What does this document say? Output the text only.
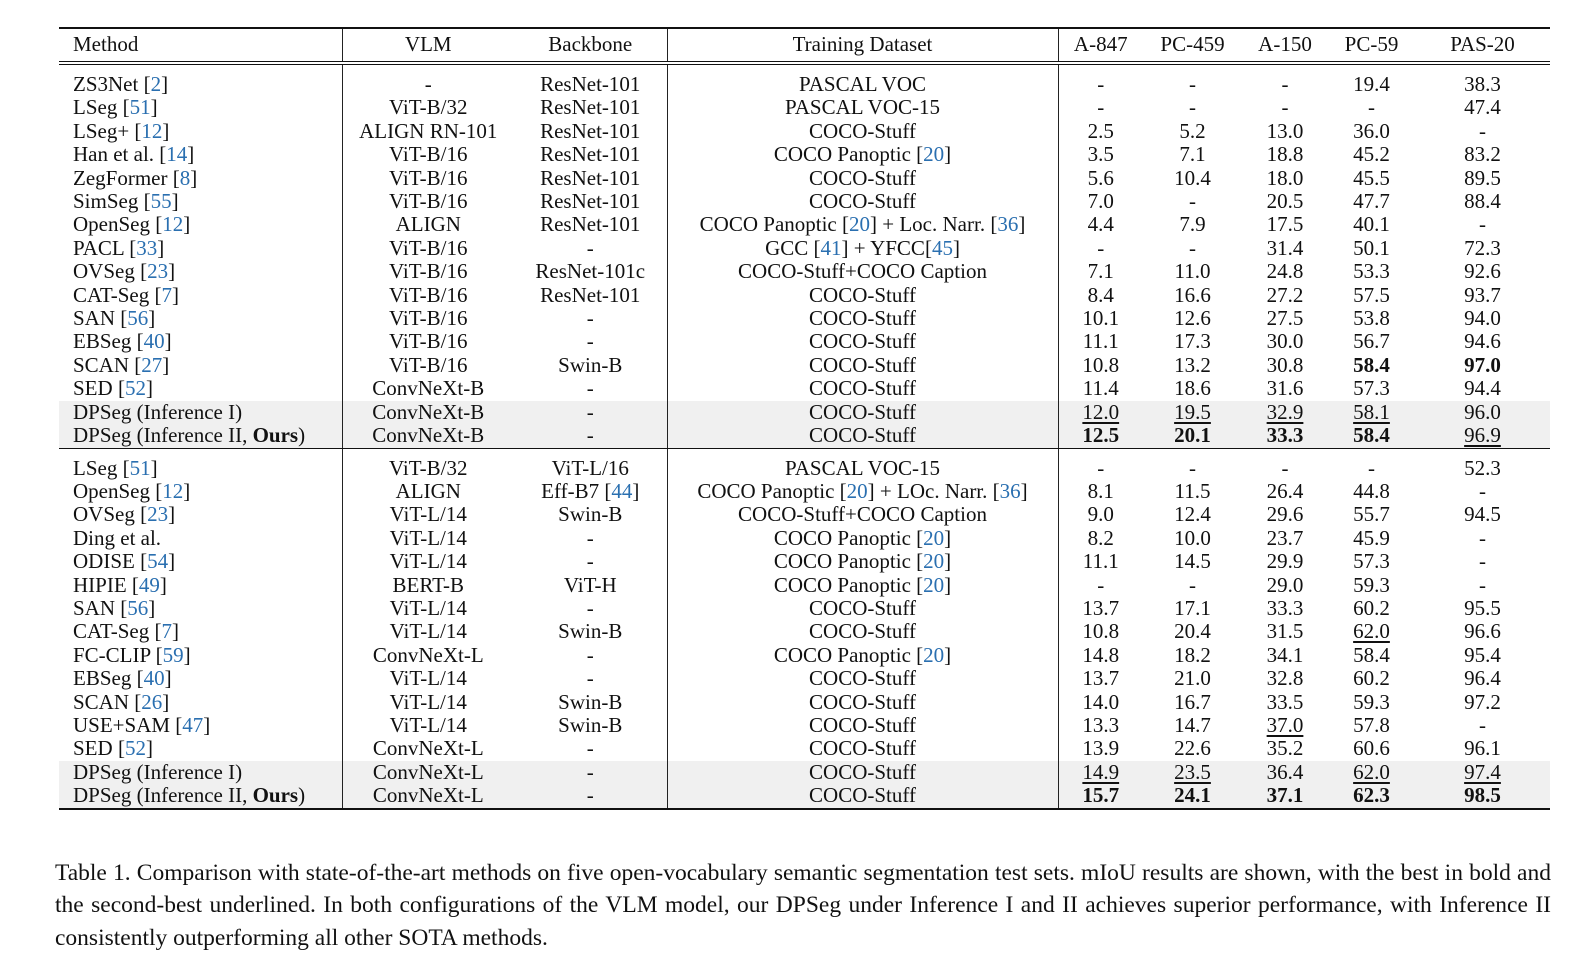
Method	VLM	Backbone	Training Dataset	A-847	PC-459	A-150	PC-59	PAS-20

ZS3Net [2]	-	ResNet-101	PASCAL VOC	-	-	-	19.4	38.3
LSeg [51]	ViT-B/32	ResNet-101	PASCAL VOC-15	-	-	-	-	47.4
LSeg+ [12]	ALIGN RN-101	ResNet-101	COCO-Stuff	2.5	5.2	13.0	36.0	-
Han et al. [14]	ViT-B/16	ResNet-101	COCO Panoptic [20]	3.5	7.1	18.8	45.2	83.2
ZegFormer [8]	ViT-B/16	ResNet-101	COCO-Stuff	5.6	10.4	18.0	45.5	89.5
SimSeg [55]	ViT-B/16	ResNet-101	COCO-Stuff	7.0	-	20.5	47.7	88.4
OpenSeg [12]	ALIGN	ResNet-101	COCO Panoptic [20] + Loc. Narr. [36]	4.4	7.9	17.5	40.1	-
PACL [33]	ViT-B/16	-	GCC [41] + YFCC[45]	-	-	31.4	50.1	72.3
OVSeg [23]	ViT-B/16	ResNet-101c	COCO-Stuff+COCO Caption	7.1	11.0	24.8	53.3	92.6
CAT-Seg [7]	ViT-B/16	ResNet-101	COCO-Stuff	8.4	16.6	27.2	57.5	93.7
SAN [56]	ViT-B/16	-	COCO-Stuff	10.1	12.6	27.5	53.8	94.0
EBSeg [40]	ViT-B/16	-	COCO-Stuff	11.1	17.3	30.0	56.7	94.6
SCAN [27]	ViT-B/16	Swin-B	COCO-Stuff	10.8	13.2	30.8	58.4	97.0
SED [52]	ConvNeXt-B	-	COCO-Stuff	11.4	18.6	31.6	57.3	94.4
DPSeg (Inference I)	ConvNeXt-B	-	COCO-Stuff	12.0	19.5	32.9	58.1	96.0
DPSeg (Inference II, Ours)	ConvNeXt-B	-	COCO-Stuff	12.5	20.1	33.3	58.4	96.9

LSeg [51]	ViT-B/32	ViT-L/16	PASCAL VOC-15	-	-	-	-	52.3
OpenSeg [12]	ALIGN	Eff-B7 [44]	COCO Panoptic [20] + LOc. Narr. [36]	8.1	11.5	26.4	44.8	-
OVSeg [23]	ViT-L/14	Swin-B	COCO-Stuff+COCO Caption	9.0	12.4	29.6	55.7	94.5
Ding et al.	ViT-L/14	-	COCO Panoptic [20]	8.2	10.0	23.7	45.9	-
ODISE [54]	ViT-L/14	-	COCO Panoptic [20]	11.1	14.5	29.9	57.3	-
HIPIE [49]	BERT-B	ViT-H	COCO Panoptic [20]	-	-	29.0	59.3	-
SAN [56]	ViT-L/14	-	COCO-Stuff	13.7	17.1	33.3	60.2	95.5
CAT-Seg [7]	ViT-L/14	Swin-B	COCO-Stuff	10.8	20.4	31.5	62.0	96.6
FC-CLIP [59]	ConvNeXt-L	-	COCO Panoptic [20]	14.8	18.2	34.1	58.4	95.4
EBSeg [40]	ViT-L/14	-	COCO-Stuff	13.7	21.0	32.8	60.2	96.4
SCAN [26]	ViT-L/14	Swin-B	COCO-Stuff	14.0	16.7	33.5	59.3	97.2
USE+SAM [47]	ViT-L/14	Swin-B	COCO-Stuff	13.3	14.7	37.0	57.8	-
SED [52]	ConvNeXt-L	-	COCO-Stuff	13.9	22.6	35.2	60.6	96.1
DPSeg (Inference I)	ConvNeXt-L	-	COCO-Stuff	14.9	23.5	36.4	62.0	97.4
DPSeg (Inference II, Ours)	ConvNeXt-L	-	COCO-Stuff	15.7	24.1	37.1	62.3	98.5

Table 1. Comparison with state-of-the-art methods on five open-vocabulary semantic segmentation test sets. mIoU results are shown, with the best in bold and the second-best underlined. In both configurations of the VLM model, our DPSeg under Inference I and II achieves superior performance, with Inference II consistently outperforming all other SOTA methods.
